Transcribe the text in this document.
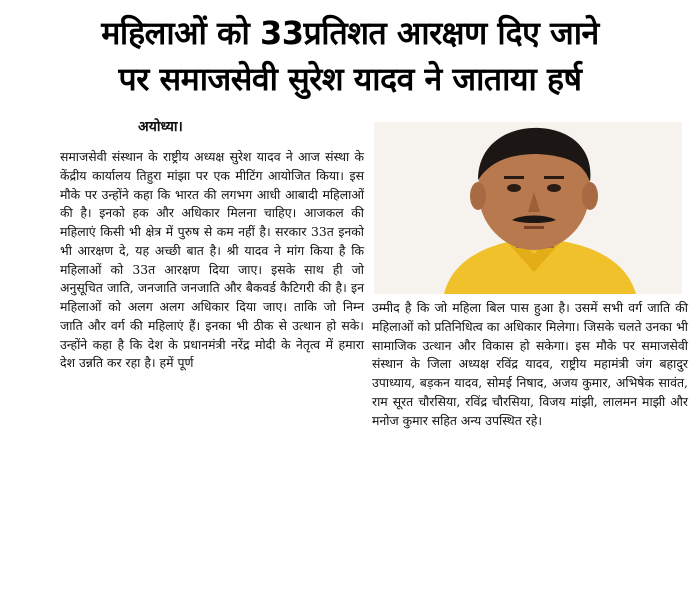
महिलाओं को 33प्रतिशत आरक्षण दिए जाने
पर समाजसेवी सुरेश यादव ने जाताया हर्ष
अयोध्या।

समाजसेवी संस्थान के राष्ट्रीय अध्यक्ष सुरेश यादव ने आज संस्था के केंद्रीय कार्यालय तिहुरा मांझा पर एक मीटिंग आयोजित किया। इस मौके पर उन्होंने कहा कि भारत की लगभग आधी आबादी महिलाओं की है। इनको हक और अधिकार मिलना चाहिए। आजकल की महिलाएं किसी भी क्षेत्र में पुरुष से कम नहीं है। सरकार 33त इनको भी आरक्षण दे, यह अच्छी बात है। श्री यादव ने मांग किया है कि महिलाओं को 33त आरक्षण दिया जाए। इसके साथ ही जो अनुसूचित जाति, जनजाति जनजाति और बैकवर्ड कैटिगरी की है। इन महिलाओं को अलग अलग अधिकार दिया जाए। ताकि जो निम्न जाति और वर्ग की महिलाएं हैं। इनका भी ठीक से उत्थान हो सके। उन्होंने कहा है कि देश के प्रधानमंत्री नरेंद्र मोदी के नेतृत्व में हमारा देश उन्नति कर रहा है। हमें पूर्ण

उम्मीद है कि जो महिला बिल पास हुआ है। उसमें सभी वर्ग जाति की महिलाओं को प्रतिनिधित्व का अधिकार मिलेगा। जिसके चलते उनका भी सामाजिक उत्थान और विकास हो सकेगा। इस मौके पर समाजसेवी संस्थान के जिला अध्यक्ष रविंद्र यादव, राष्ट्रीय महामंत्री जंग बहादुर उपाध्याय, बड़कन यादव, सोमई निषाद, अजय कुमार, अभिषेक सावंत, राम सूरत चौरसिया, रविंद्र चौरसिया, विजय मांझी, लालमन माझी और मनोज कुमार सहित अन्य उपस्थित रहे।
